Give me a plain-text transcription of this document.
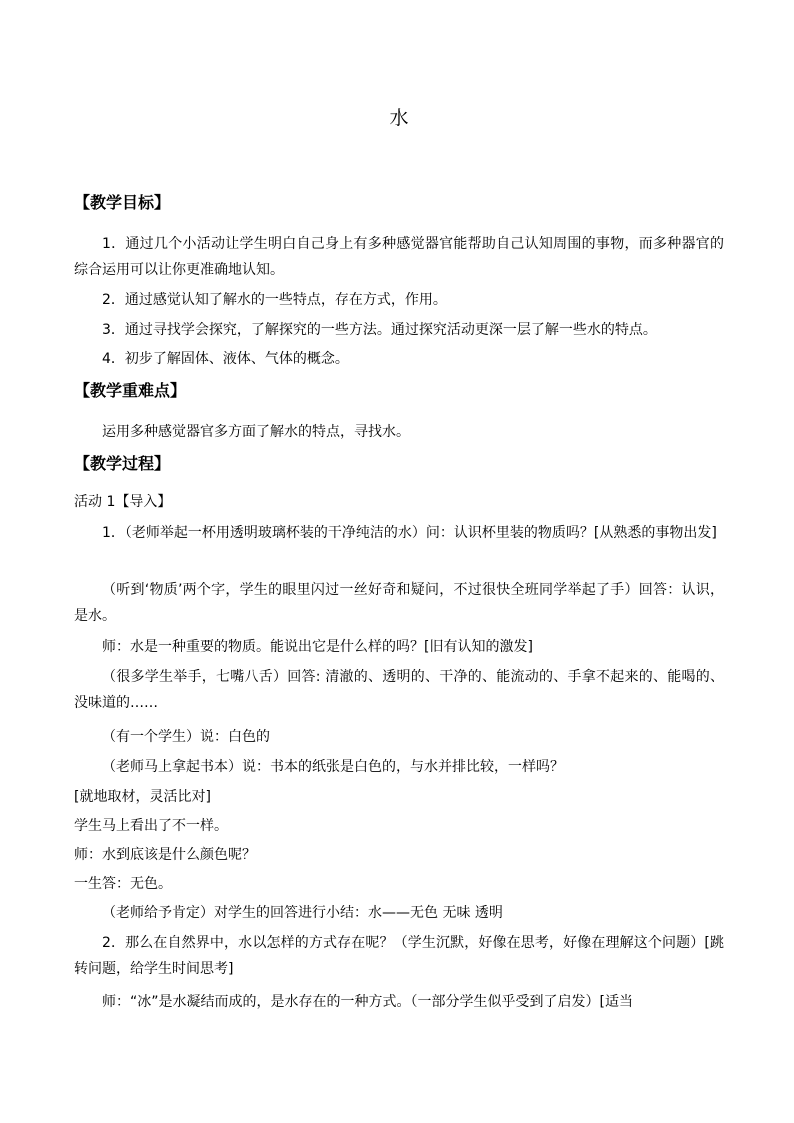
水
【教学目标】
1．通过几个小活动让学生明白自己身上有多种感觉器官能帮助自己认知周围的事物，而多种器官的综合运用可以让你更准确地认知。
2．通过感觉认知了解水的一些特点，存在方式，作用。
3．通过寻找学会探究，了解探究的一些方法。通过探究活动更深一层了解一些水的特点。
4．初步了解固体、液体、气体的概念。
【教学重难点】
运用多种感觉器官多方面了解水的特点，寻找水。
【教学过程】
活动 1【导入】
1．（老师举起一杯用透明玻璃杯装的干净纯洁的水）问：认识杯里装的物质吗？[从熟悉的事物出发]
（听到‘物质’两个字，学生的眼里闪过一丝好奇和疑问，不过很快全班同学举起了手）回答：认识，是水。
师：水是一种重要的物质。能说出它是什么样的吗？[旧有认知的激发]
（很多学生举手，七嘴八舌）回答: 清澈的、透明的、干净的、能流动的、手拿不起来的、能喝的、没味道的……
（有一个学生）说：白色的
（老师马上拿起书本）说：书本的纸张是白色的，与水并排比较，一样吗？
[就地取材，灵活比对]
学生马上看出了不一样。
师：水到底该是什么颜色呢？
一生答：无色。
（老师给予肯定）对学生的回答进行小结：水——无色 无味 透明
2．那么在自然界中，水以怎样的方式存在呢？（学生沉默，好像在思考，好像在理解这个问题）[跳转问题，给学生时间思考]
师：“冰”是水凝结而成的，是水存在的一种方式。（一部分学生似乎受到了启发）[适当
